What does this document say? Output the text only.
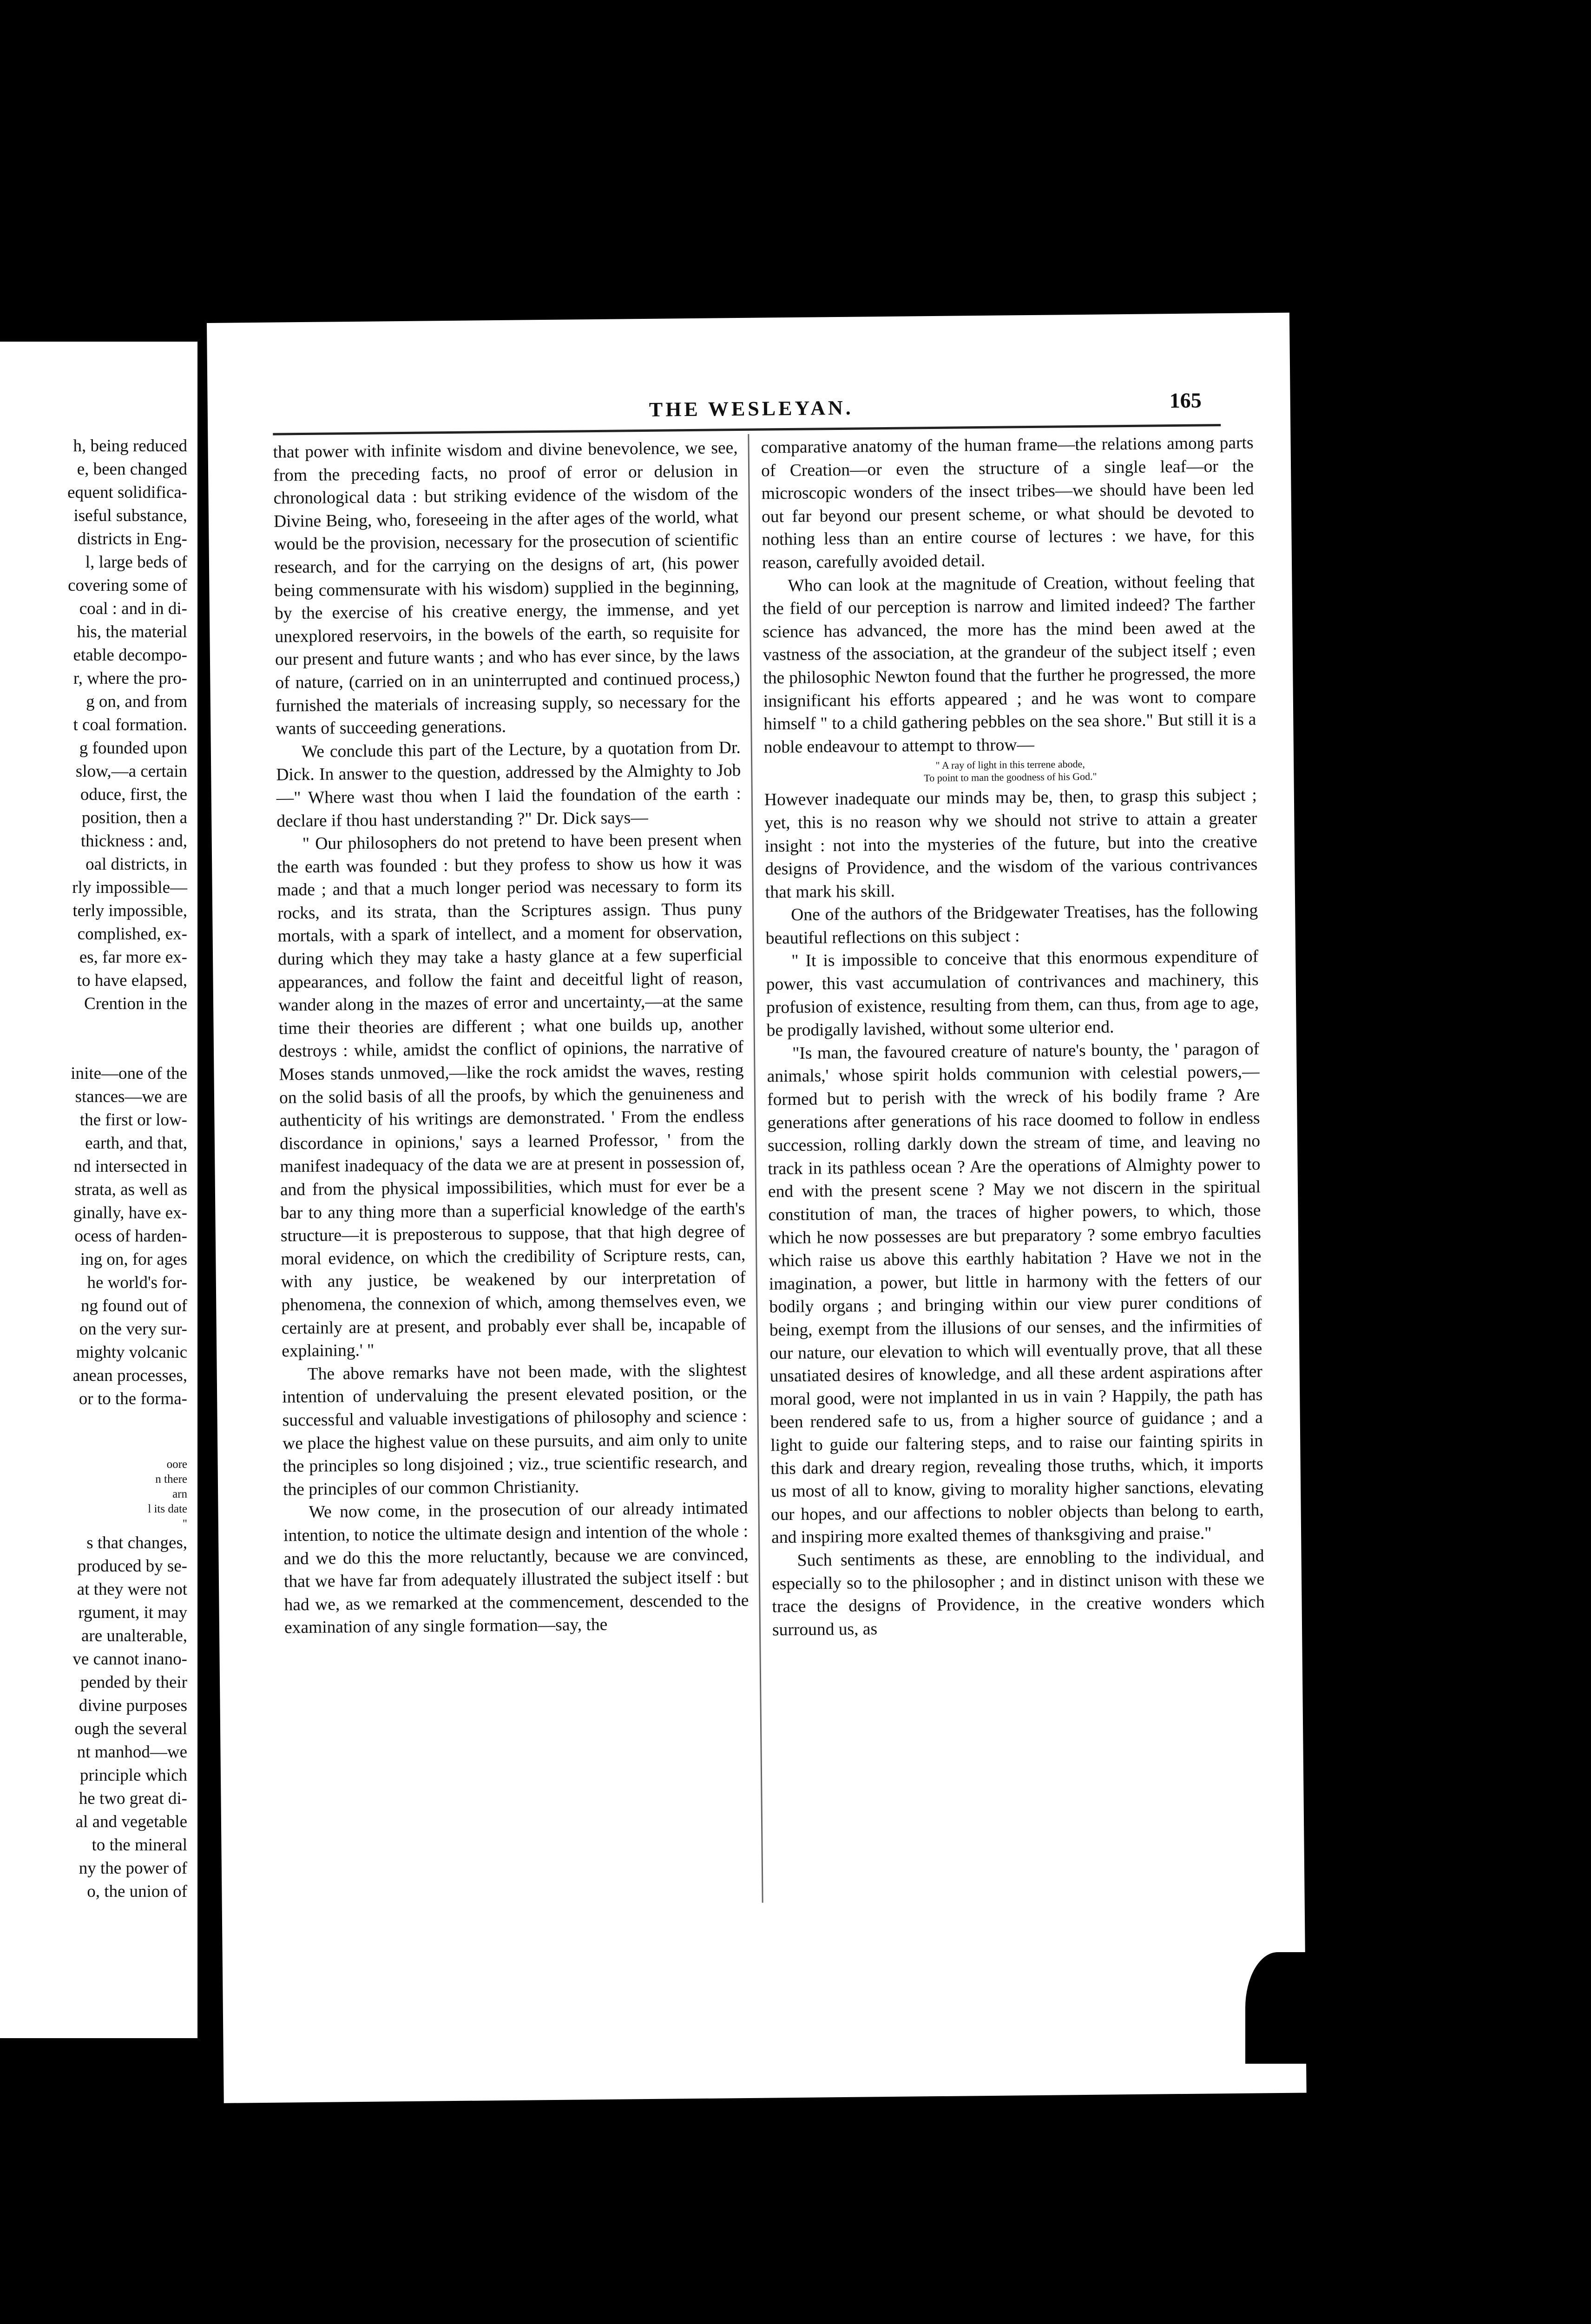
h, being reduced
e, been changed
equent solidifica-
iseful substance,
districts in Eng-
l, large beds of
covering some of
coal : and in di-
his, the material
etable decompo-
r, where the pro-
g on, and from
t coal formation.
g founded upon
slow,—a certain
oduce, first, the
position, then a
thickness : and,
oal districts, in
rly impossible—
terly impossible,
complished, ex-
es, far more ex-
to have elapsed,
Crention in the
inite—one of the
stances—we are
the first or low-
earth, and that,
nd intersected in
strata, as well as
ginally, have ex-
ocess of harden-
ing on, for ages
he world's for-
ng found out of
on the very sur-
mighty volcanic
anean processes,
or to the forma-
oore
n there
arn
l its date
"
s that changes,
produced by se-
at they were not
rgument, it may
are unalterable,
ve cannot inano-
pended by their
divine purposes
ough the several
nt manhod—we
principle which
he two great di-
al and vegetable
to the mineral
ny the power of
o, the union of
THE WESLEYAN.	165

that power with infinite wisdom and divine benevolence, we see, from the preceding facts, no proof of error or delusion in chronological data : but striking evidence of the wisdom of the Divine Being, who, foreseeing in the after ages of the world, what would be the provision, necessary for the prosecution of scientific research, and for the carrying on the designs of art, (his power being commensurate with his wisdom) supplied in the beginning, by the exercise of his creative energy, the immense, and yet unexplored reservoirs, in the bowels of the earth, so requisite for our present and future wants ; and who has ever since, by the laws of nature, (carried on in an uninterrupted and continued process,) furnished the materials of increasing supply, so necessary for the wants of succeeding generations.

We conclude this part of the Lecture, by a quotation from Dr. Dick. In answer to the question, addressed by the Almighty to Job—" Where wast thou when I laid the foundation of the earth : declare if thou hast understanding ?" Dr. Dick says—

" Our philosophers do not pretend to have been present when the earth was founded : but they profess to show us how it was made ; and that a much longer period was necessary to form its rocks, and its strata, than the Scriptures assign. Thus puny mortals, with a spark of intellect, and a moment for observation, during which they may take a hasty glance at a few superficial appearances, and follow the faint and deceitful light of reason, wander along in the mazes of error and uncertainty,—at the same time their theories are different ; what one builds up, another destroys : while, amidst the conflict of opinions, the narrative of Moses stands unmoved,—like the rock amidst the waves, resting on the solid basis of all the proofs, by which the genuineness and authenticity of his writings are demonstrated. ' From the endless discordance in opinions,' says a learned Professor, ' from the manifest inadequacy of the data we are at present in possession of, and from the physical impossibilities, which must for ever be a bar to any thing more than a superficial knowledge of the earth's structure—it is preposterous to suppose, that that high degree of moral evidence, on which the credibility of Scripture rests, can, with any justice, be weakened by our interpretation of phenomena, the connexion of which, among themselves even, we certainly are at present, and probably ever shall be, incapable of explaining.' "

The above remarks have not been made, with the slightest intention of undervaluing the present elevated position, or the successful and valuable investigations of philosophy and science : we place the highest value on these pursuits, and aim only to unite the principles so long disjoined ; viz., true scientific research, and the principles of our common Christianity.

We now come, in the prosecution of our already intimated intention, to notice the ultimate design and intention of the whole : and we do this the more reluctantly, because we are convinced, that we have far from adequately illustrated the subject itself : but had we, as we remarked at the commencement, descended to the examination of any single formation—say, the

comparative anatomy of the human frame—the relations among parts of Creation—or even the structure of a single leaf—or the microscopic wonders of the insect tribes—we should have been led out far beyond our present scheme, or what should be devoted to nothing less than an entire course of lectures : we have, for this reason, carefully avoided detail.

Who can look at the magnitude of Creation, without feeling that the field of our perception is narrow and limited indeed? The farther science has advanced, the more has the mind been awed at the vastness of the association, at the grandeur of the subject itself ; even the philosophic Newton found that the further he progressed, the more insignificant his efforts appeared ; and he was wont to compare himself " to a child gathering pebbles on the sea shore." But still it is a noble endeavour to attempt to throw—

" A ray of light in this terrene abode,
To point to man the goodness of his God."

However inadequate our minds may be, then, to grasp this subject ; yet, this is no reason why we should not strive to attain a greater insight : not into the mysteries of the future, but into the creative designs of Providence, and the wisdom of the various contrivances that mark his skill.

One of the authors of the Bridgewater Treatises, has the following beautiful reflections on this subject :

" It is impossible to conceive that this enormous expenditure of power, this vast accumulation of contrivances and machinery, this profusion of existence, resulting from them, can thus, from age to age, be prodigally lavished, without some ulterior end.

"Is man, the favoured creature of nature's bounty, the ' paragon of animals,' whose spirit holds communion with celestial powers,—formed but to perish with the wreck of his bodily frame ? Are generations after generations of his race doomed to follow in endless succession, rolling darkly down the stream of time, and leaving no track in its pathless ocean ? Are the operations of Almighty power to end with the present scene ? May we not discern in the spiritual constitution of man, the traces of higher powers, to which, those which he now possesses are but preparatory ? some embryo faculties which raise us above this earthly habitation ? Have we not in the imagination, a power, but little in harmony with the fetters of our bodily organs ; and bringing within our view purer conditions of being, exempt from the illusions of our senses, and the infirmities of our nature, our elevation to which will eventually prove, that all these unsatiated desires of knowledge, and all these ardent aspirations after moral good, were not implanted in us in vain ? Happily, the path has been rendered safe to us, from a higher source of guidance ; and a light to guide our faltering steps, and to raise our fainting spirits in this dark and dreary region, revealing those truths, which, it imports us most of all to know, giving to morality higher sanctions, elevating our hopes, and our affections to nobler objects than belong to earth, and inspiring more exalted themes of thanksgiving and praise."

Such sentiments as these, are ennobling to the individual, and especially so to the philosopher ; and in distinct unison with these we trace the designs of Providence, in the creative wonders which surround us, as
